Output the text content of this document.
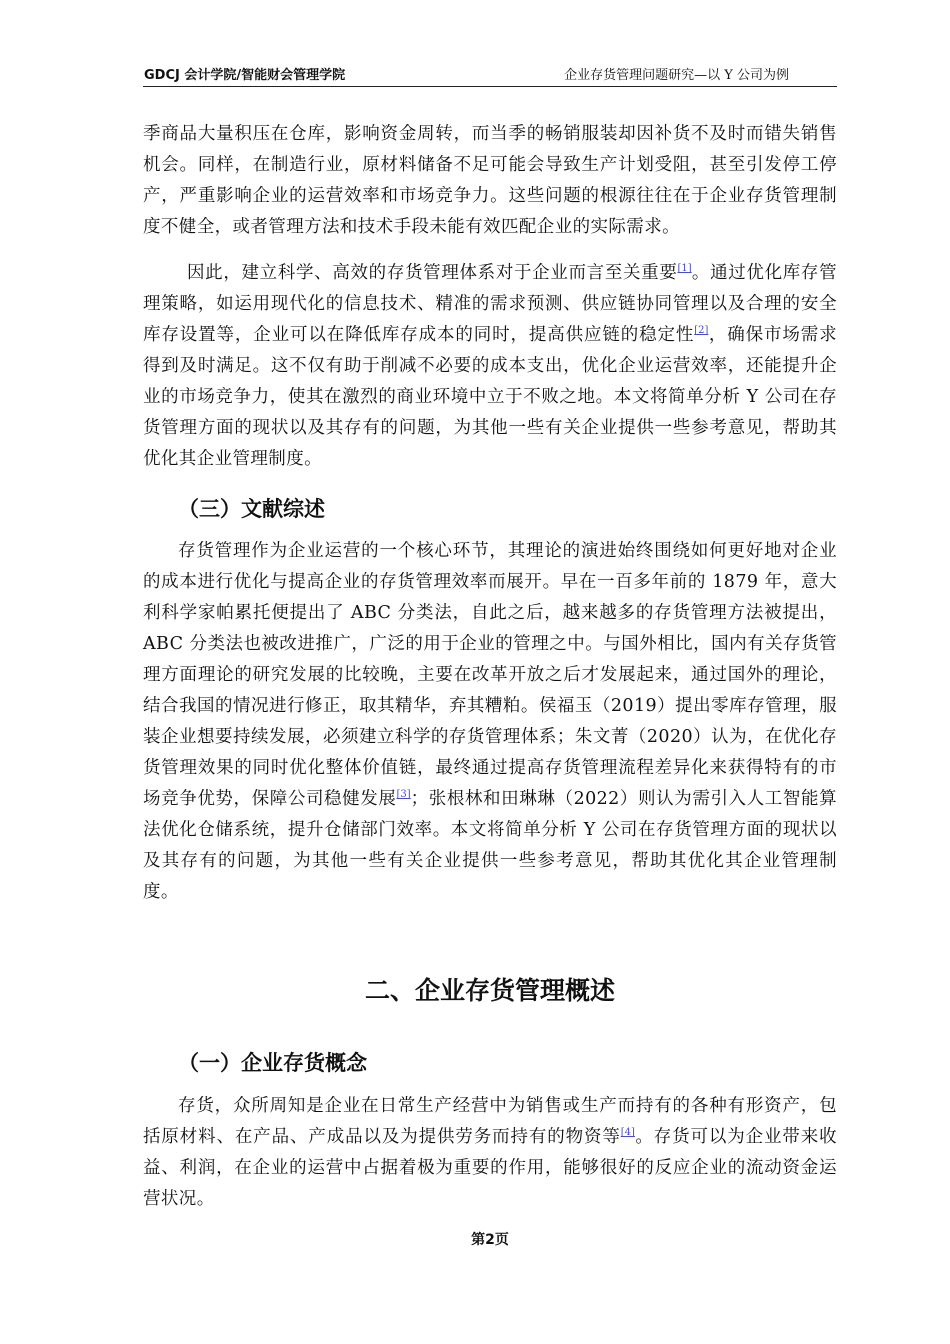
GDCJ 会计学院/智能财会管理学院	企业存货管理问题研究—以 Y 公司为例

季商品大量积压在仓库，影响资金周转，而当季的畅销服装却因补货不及时而错失销售机会。同样，在制造行业，原材料储备不足可能会导致生产计划受阻，甚至引发停工停产，严重影响企业的运营效率和市场竞争力。这些问题的根源往往在于企业存货管理制度不健全，或者管理方法和技术手段未能有效匹配企业的实际需求。

因此，建立科学、高效的存货管理体系对于企业而言至关重要[1]。通过优化库存管理策略，如运用现代化的信息技术、精准的需求预测、供应链协同管理以及合理的安全库存设置等，企业可以在降低库存成本的同时，提高供应链的稳定性[2]，确保市场需求得到及时满足。这不仅有助于削减不必要的成本支出，优化企业运营效率，还能提升企业的市场竞争力，使其在激烈的商业环境中立于不败之地。本文将简单分析 Y 公司在存货管理方面的现状以及其存有的问题，为其他一些有关企业提供一些参考意见，帮助其优化其企业管理制度。

（三）文献综述

存货管理作为企业运营的一个核心环节，其理论的演进始终围绕如何更好地对企业的成本进行优化与提高企业的存货管理效率而展开。早在一百多年前的 1879 年，意大利科学家帕累托便提出了 ABC 分类法，自此之后，越来越多的存货管理方法被提出，ABC 分类法也被改进推广，广泛的用于企业的管理之中。与国外相比，国内有关存货管理方面理论的研究发展的比较晚，主要在改革开放之后才发展起来，通过国外的理论，结合我国的情况进行修正，取其精华，弃其糟粕。侯福玉（2019）提出零库存管理，服装企业想要持续发展，必须建立科学的存货管理体系；朱文菁（2020）认为，在优化存货管理效果的同时优化整体价值链，最终通过提高存货管理流程差异化来获得特有的市场竞争优势，保障公司稳健发展[3]；张根林和田琳琳（2022）则认为需引入人工智能算法优化仓储系统，提升仓储部门效率。本文将简单分析 Y 公司在存货管理方面的现状以及其存有的问题，为其他一些有关企业提供一些参考意见，帮助其优化其企业管理制度。

二、企业存货管理概述
（一）企业存货概念

存货，众所周知是企业在日常生产经营中为销售或生产而持有的各种有形资产，包括原材料、在产品、产成品以及为提供劳务而持有的物资等[4]。存货可以为企业带来收益、利润，在企业的运营中占据着极为重要的作用，能够很好的反应企业的流动资金运营状况。

第2页
